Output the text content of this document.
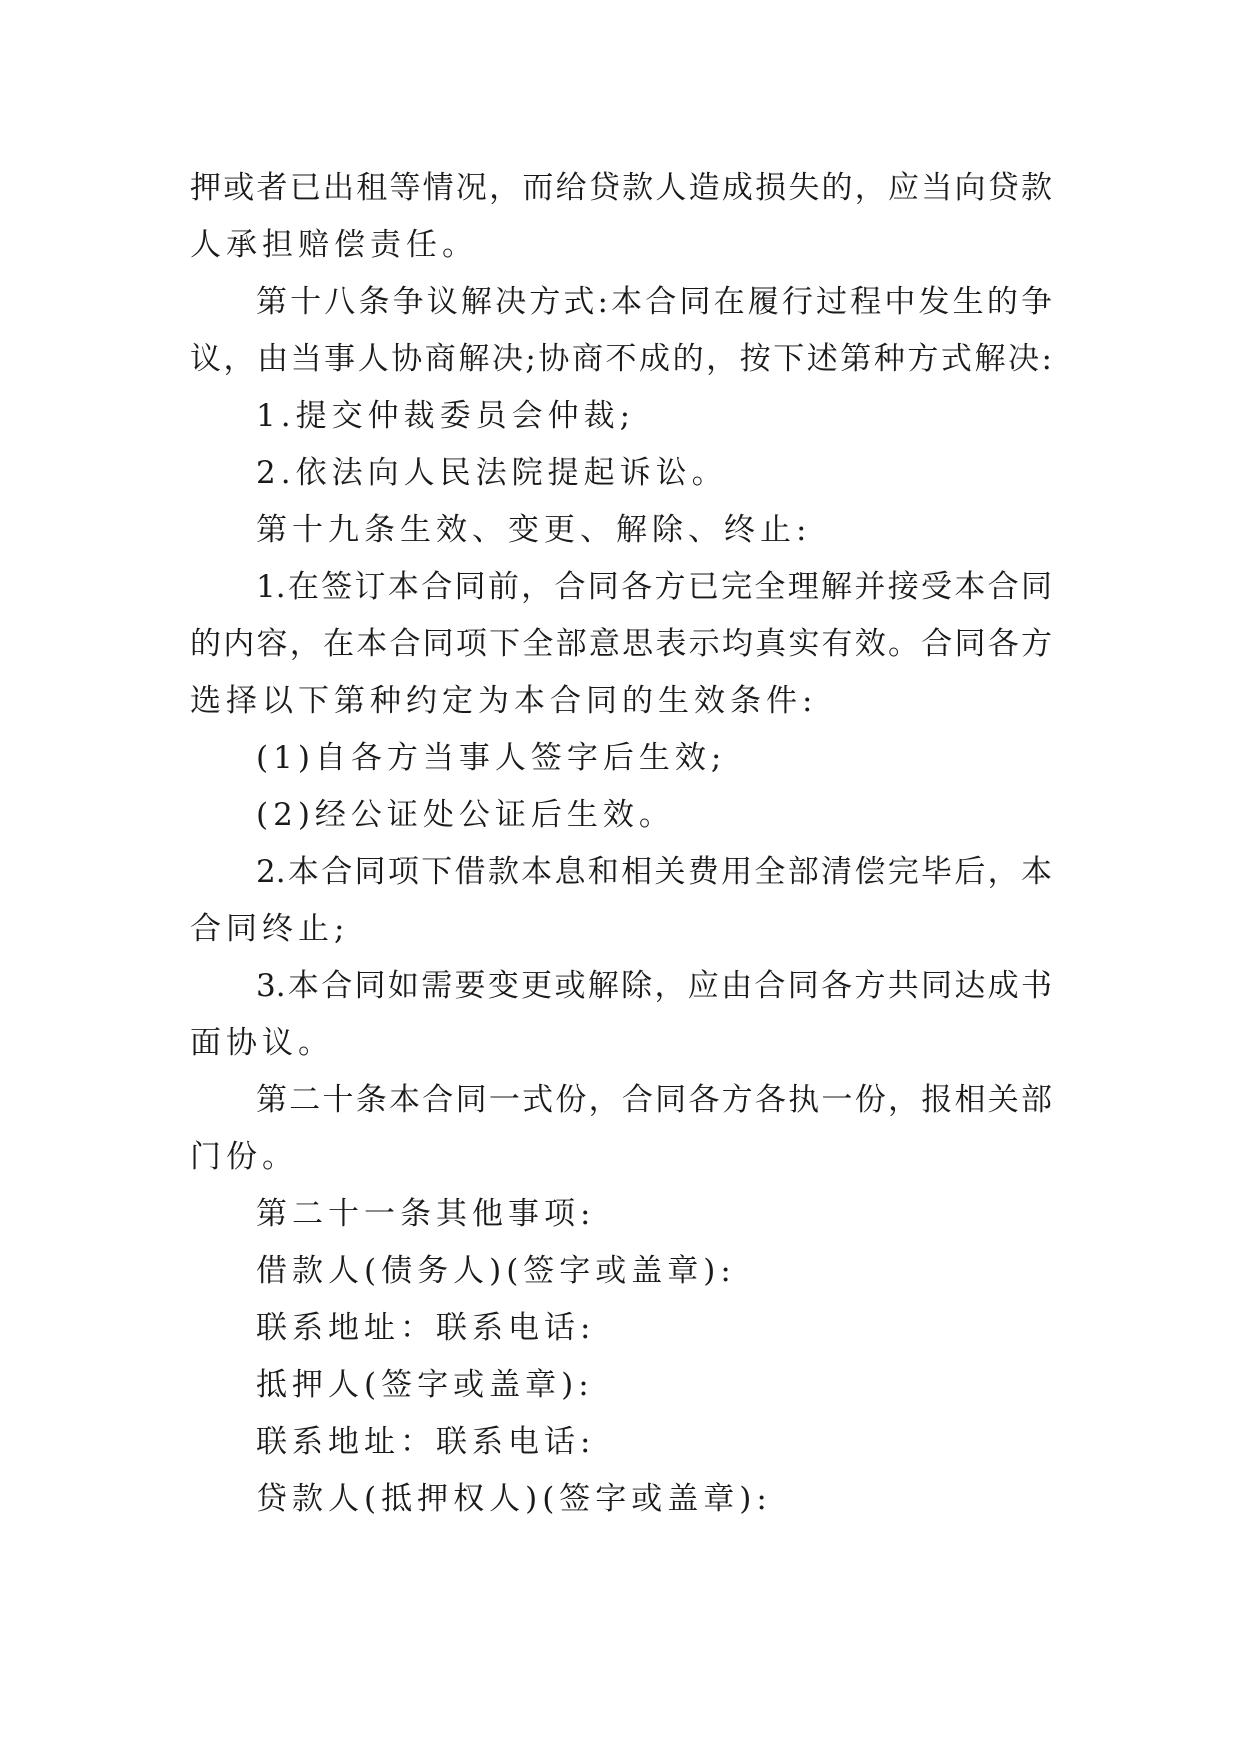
押或者已出租等情况，而给贷款人造成损失的，应当向贷款
人承担赔偿责任。
第十八条争议解决方式:本合同在履行过程中发生的争
议，由当事人协商解决;协商不成的，按下述第种方式解决:
1.提交仲裁委员会仲裁;
2.依法向人民法院提起诉讼。
第十九条生效、变更、解除、终止:
1.在签订本合同前，合同各方已完全理解并接受本合同
的内容，在本合同项下全部意思表示均真实有效。合同各方
选择以下第种约定为本合同的生效条件:
(1)自各方当事人签字后生效;
(2)经公证处公证后生效。
2.本合同项下借款本息和相关费用全部清偿完毕后，本
合同终止;
3.本合同如需要变更或解除，应由合同各方共同达成书
面协议。
第二十条本合同一式份，合同各方各执一份，报相关部
门份。
第二十一条其他事项:
借款人(债务人)(签字或盖章):
联系地址：联系电话:
抵押人(签字或盖章):
联系地址：联系电话:
贷款人(抵押权人)(签字或盖章):
